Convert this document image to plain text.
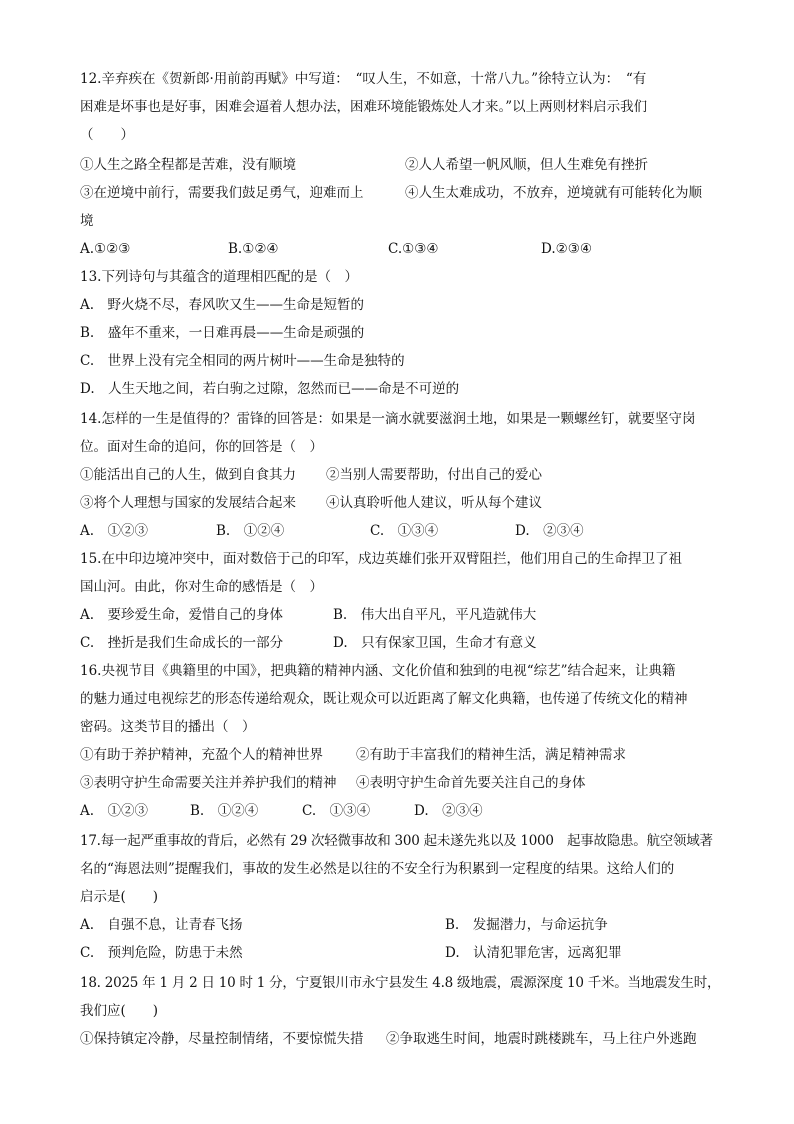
12.辛弃疾在《贺新郎·用前韵再赋》中写道：　“叹人生，不如意，十常八九。”徐特立认为：　“有
困难是坏事也是好事，困难会逼着人想办法，困难环境能锻炼处人才来。”以上两则材料启示我们
（　　）
①人生之路全程都是苦难，没有顺境	②人人希望一帆风顺，但人生难免有挫折
③在逆境中前行，需要我们鼓足勇气，迎难而上	④人生太难成功，不放弃，逆境就有可能转化为顺
境
A.①②③	B.①②④	C.①③④	D.②③④
13.下列诗句与其蕴含的道理相匹配的是（　）
A.　野火烧不尽，春风吹又生——生命是短暂的
B.　盛年不重来，一日难再晨——生命是顽强的
C.　世界上没有完全相同的两片树叶——生命是独特的
D.　人生天地之间，若白驹之过隙，忽然而已——命是不可逆的
14.怎样的一生是值得的？雷锋的回答是：如果是一滴水就要滋润土地，如果是一颗螺丝钉，就要坚守岗
位。面对生命的追问，你的回答是（　）
①能活出自己的人生，做到自食其力 ②当别人需要帮助，付出自己的爱心
③将个人理想与国家的发展结合起来 ④认真聆听他人建议，听从每个建议
A.　①②③	B.　①②④	C.　①③④	D.　②③④
15.在中印边境冲突中，面对数倍于己的印军，戍边英雄们张开双臂阻拦，他们用自己的生命捍卫了祖
国山河。由此，你对生命的感悟是（　）
A.　要珍爱生命，爱惜自己的身体	B.　伟大出自平凡，平凡造就伟大
C.　挫折是我们生命成长的一部分	D.　只有保家卫国，生命才有意义
16.央视节目《典籍里的中国》，把典籍的精神内涵、文化价值和独到的电视“综艺”结合起来，让典籍
的魅力通过电视综艺的形态传递给观众，既让观众可以近距离了解文化典籍，也传递了传统文化的精神
密码。这类节目的播出（　）
①有助于养护精神，充盈个人的精神世界 ②有助于丰富我们的精神生活，满足精神需求
③表明守护生命需要关注并养护我们的精神 ④表明守护生命首先要关注自己的身体
A.　①②③	B.　①②④	C.　①③④	D.　②③④
17.每一起严重事故的背后，必然有 29 次轻微事故和 300 起未遂先兆以及 1000　起事故隐患。航空领域著
名的“海恩法则”提醒我们，事故的发生必然是以往的不安全行为积累到一定程度的结果。这给人们的
启示是(　　)
A.　自强不息，让青春飞扬	B.　发掘潜力，与命运抗争
C.　预判危险，防患于未然	D.　认清犯罪危害，远离犯罪
18. 2025 年 1 月 2 日 10 时 1 分，宁夏银川市永宁县发生 4.8 级地震，震源深度 10 千米。当地震发生时，
我们应(　　)
①保持镇定冷静，尽量控制情绪，不要惊慌失措 ②争取逃生时间，地震时跳楼跳车，马上往户外逃跑
